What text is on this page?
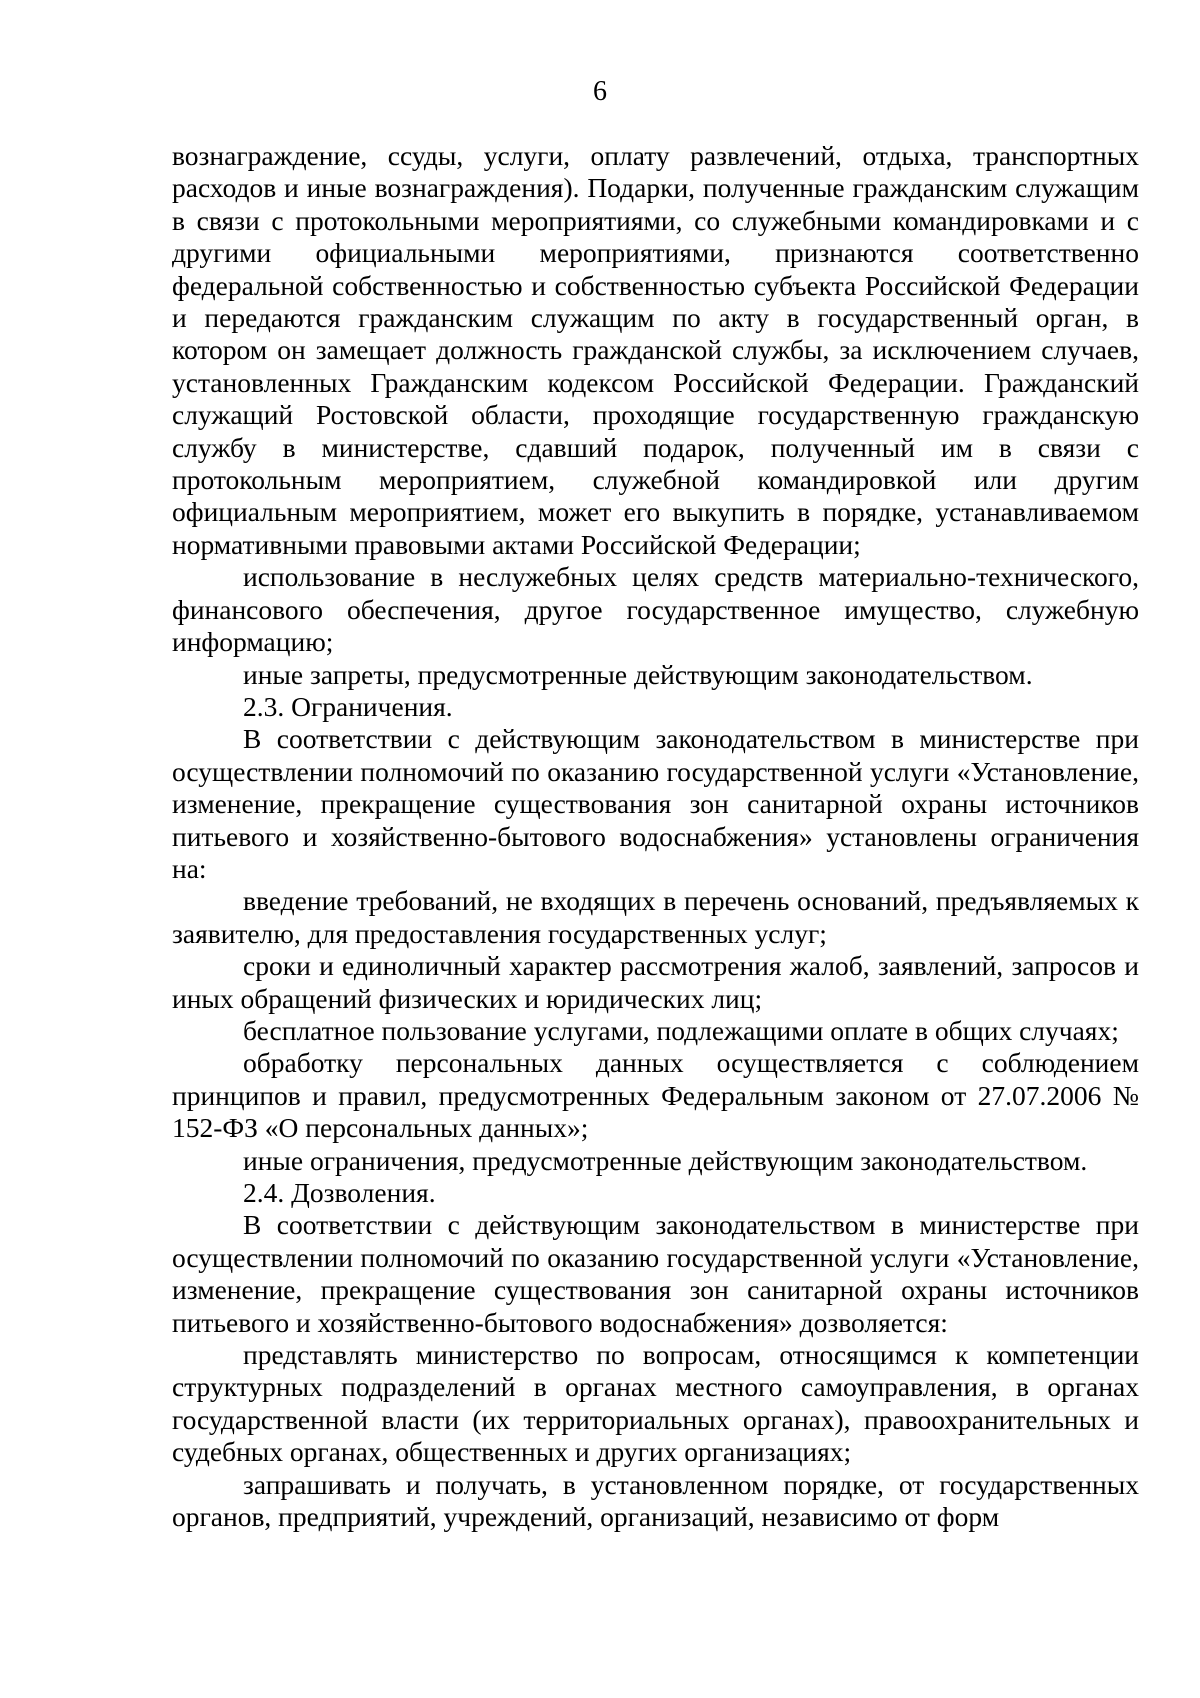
6

вознаграждение, ссуды, услуги, оплату развлечений, отдыха, транспортных расходов и иные вознаграждения). Подарки, полученные гражданским служащим в связи с протокольными мероприятиями, со служебными командировками и с другими официальными мероприятиями, признаются соответственно федеральной собственностью и собственностью субъекта Российской Федерации и передаются гражданским служащим по акту в государственный орган, в котором он замещает должность гражданской службы, за исключением случаев, установленных Гражданским кодексом Российской Федерации. Гражданский служащий Ростовской области, проходящие государственную гражданскую службу в министерстве, сдавший подарок, полученный им в связи с протокольным мероприятием, служебной командировкой или другим официальным мероприятием, может его выкупить в порядке, устанавливаемом нормативными правовыми актами Российской Федерации;

использование в неслужебных целях средств материально-технического, финансового обеспечения, другое государственное имущество, служебную информацию;

иные запреты, предусмотренные действующим законодательством.

2.3. Ограничения.

В соответствии с действующим законодательством в министерстве при осуществлении полномочий по оказанию государственной услуги «Установление, изменение, прекращение существования зон санитарной охраны источников питьевого и хозяйственно-бытового водоснабжения» установлены ограничения на:

введение требований, не входящих в перечень оснований, предъявляемых к заявителю, для предоставления государственных услуг;

сроки и единоличный характер рассмотрения жалоб, заявлений, запросов и иных обращений физических и юридических лиц;

бесплатное пользование услугами, подлежащими оплате в общих случаях;

обработку персональных данных осуществляется с соблюдением принципов и правил, предусмотренных Федеральным законом от 27.07.2006 № 152-ФЗ «О персональных данных»;

иные ограничения, предусмотренные действующим законодательством.

2.4. Дозволения.

В соответствии с действующим законодательством в министерстве при осуществлении полномочий по оказанию государственной услуги «Установление, изменение, прекращение существования зон санитарной охраны источников питьевого и хозяйственно-бытового водоснабжения» дозволяется:

представлять министерство по вопросам, относящимся к компетенции структурных подразделений в органах местного самоуправления, в органах государственной власти (их территориальных органах), правоохранительных и судебных органах, общественных и других организациях;

запрашивать и получать, в установленном порядке, от государственных органов, предприятий, учреждений, организаций, независимо от форм
